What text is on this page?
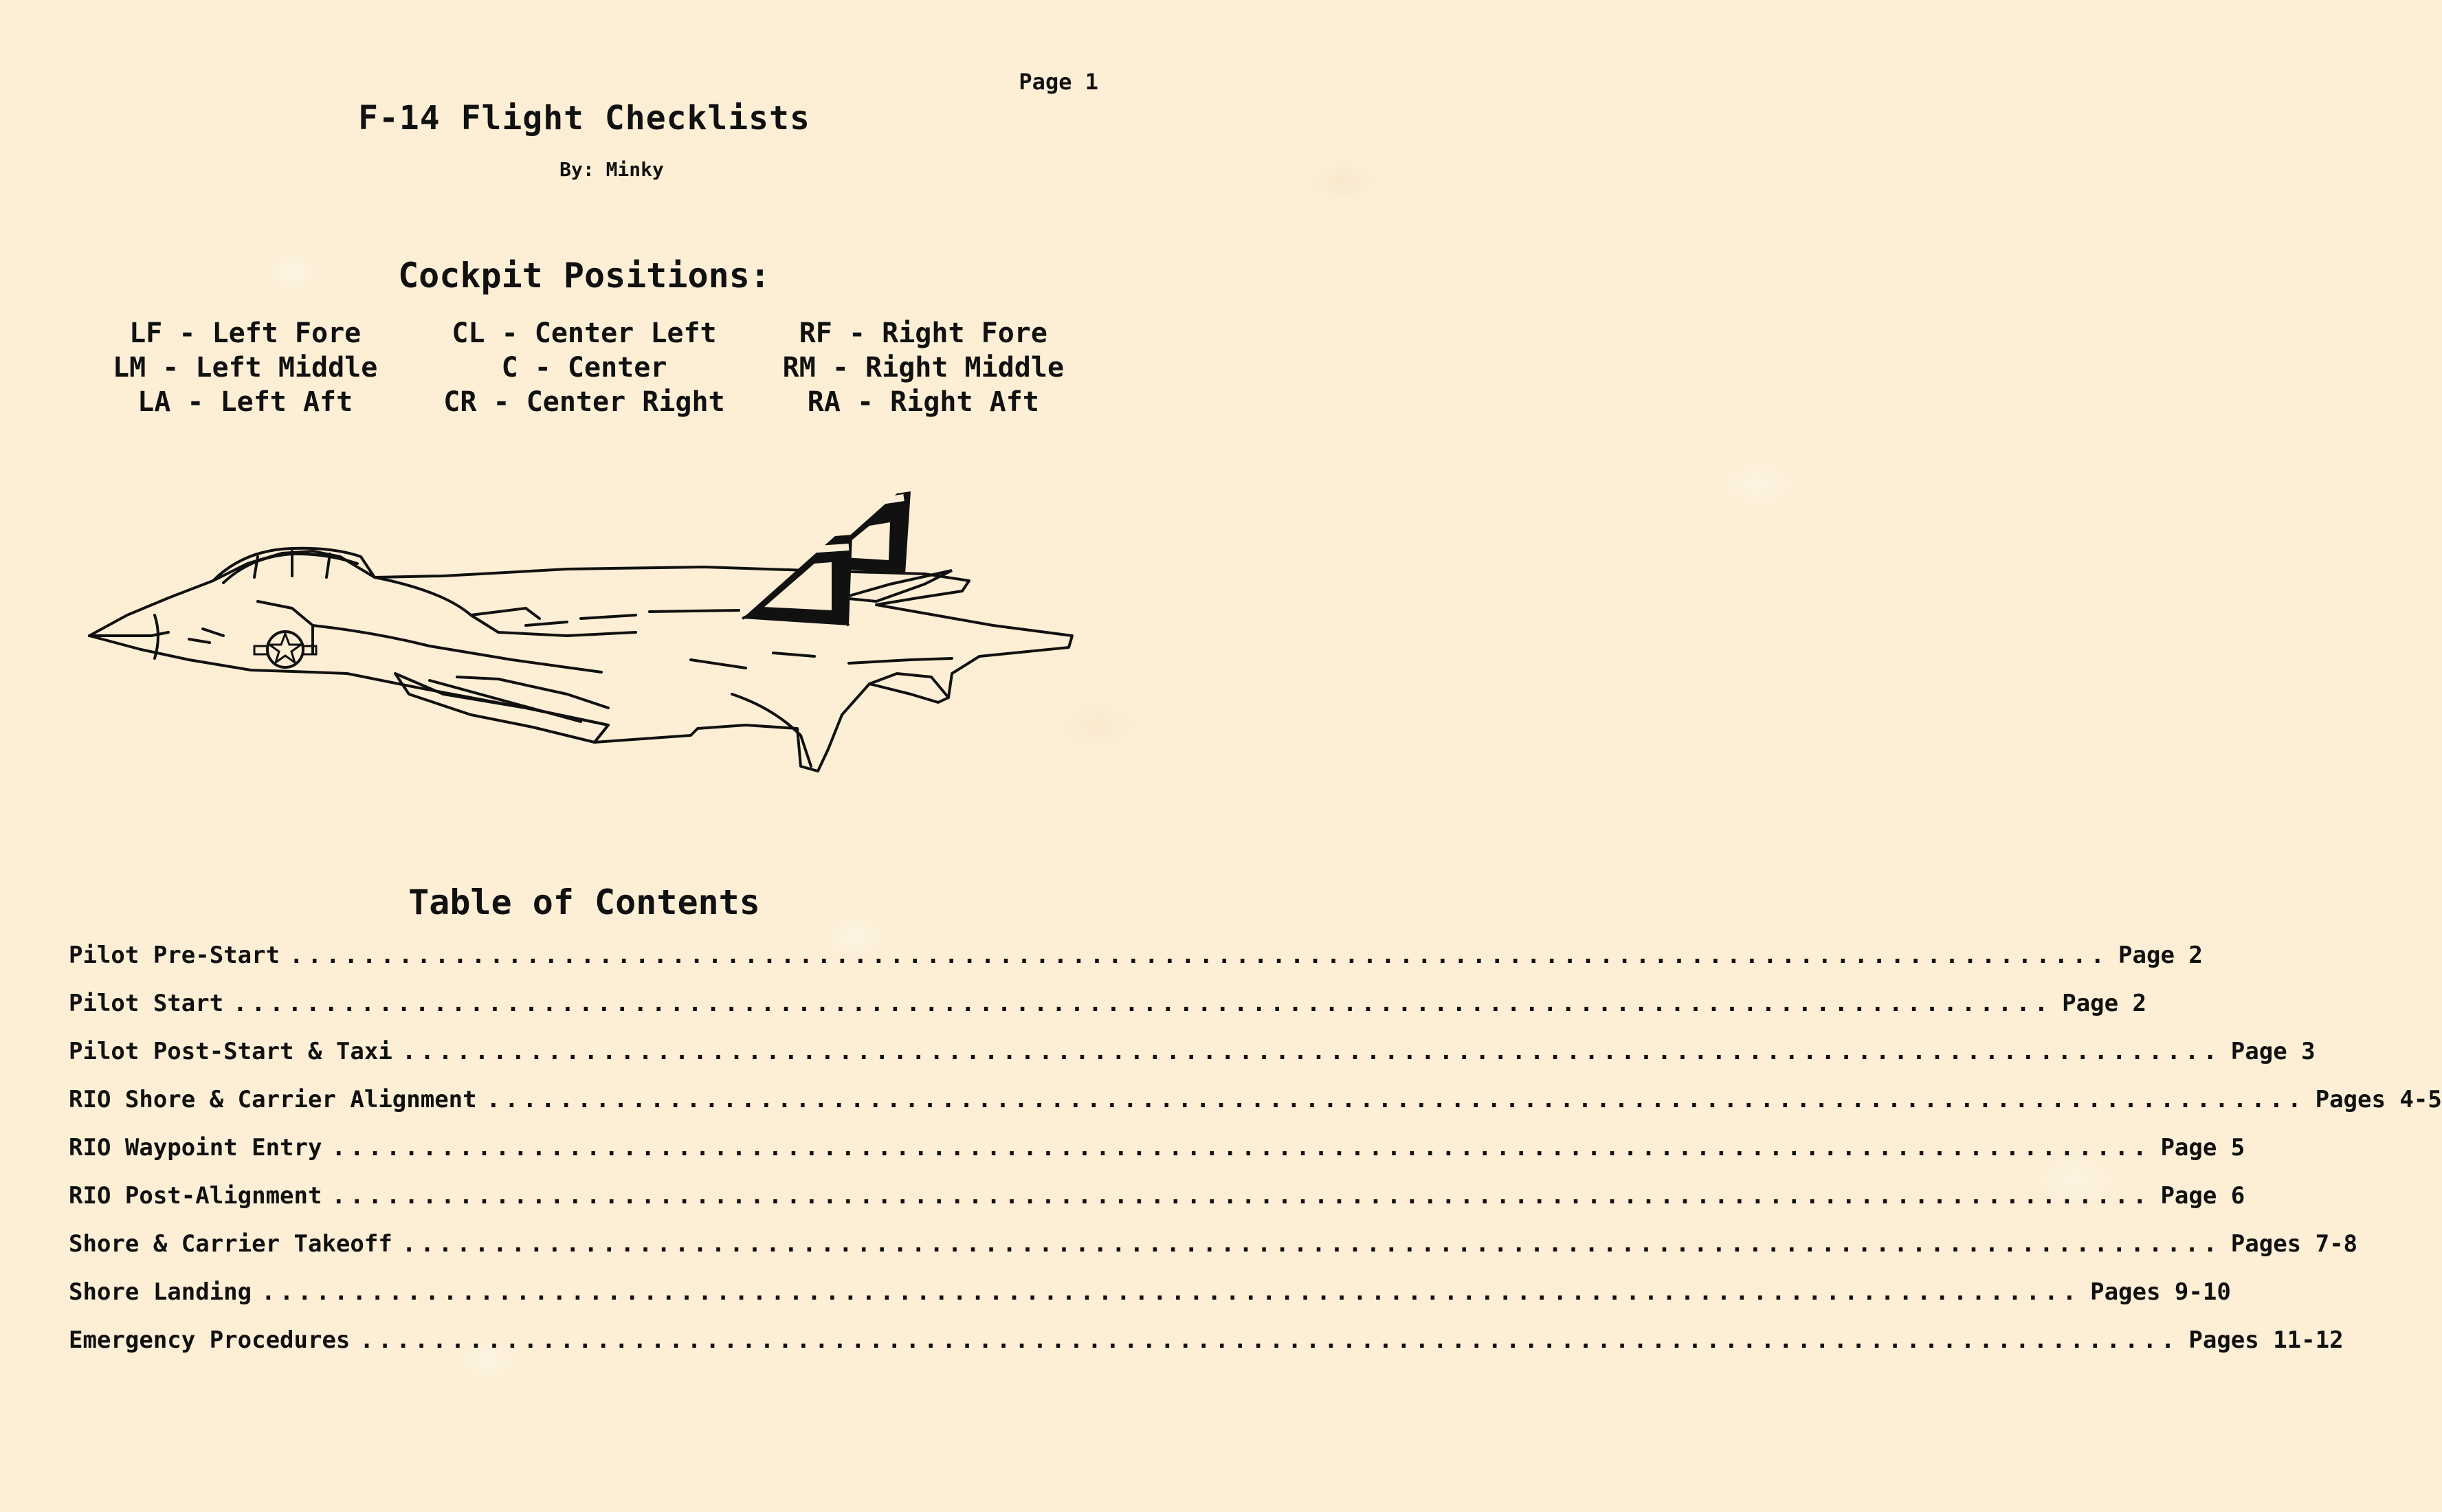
Page 1
F-14 Flight Checklists
By: Minky
Cockpit Positions:
LF - Left Fore	CL - Center Left	RF - Right Fore
LM - Left Middle	C - Center	RM - Right Middle
LA - Left Aft	CR - Center Right	RA - Right Aft
Table of Contents
Pilot Pre-Start .................................................................................................... Page 2
Pilot Start .................................................................................................... Page 2
Pilot Post-Start & Taxi .................................................................................................... Page 3
RIO Shore & Carrier Alignment .................................................................................................... Pages 4-5
RIO Waypoint Entry .................................................................................................... Page 5
RIO Post-Alignment .................................................................................................... Page 6
Shore & Carrier Takeoff .................................................................................................... Pages 7-8
Shore Landing .................................................................................................... Pages 9-10
Emergency Procedures .................................................................................................... Pages 11-12
